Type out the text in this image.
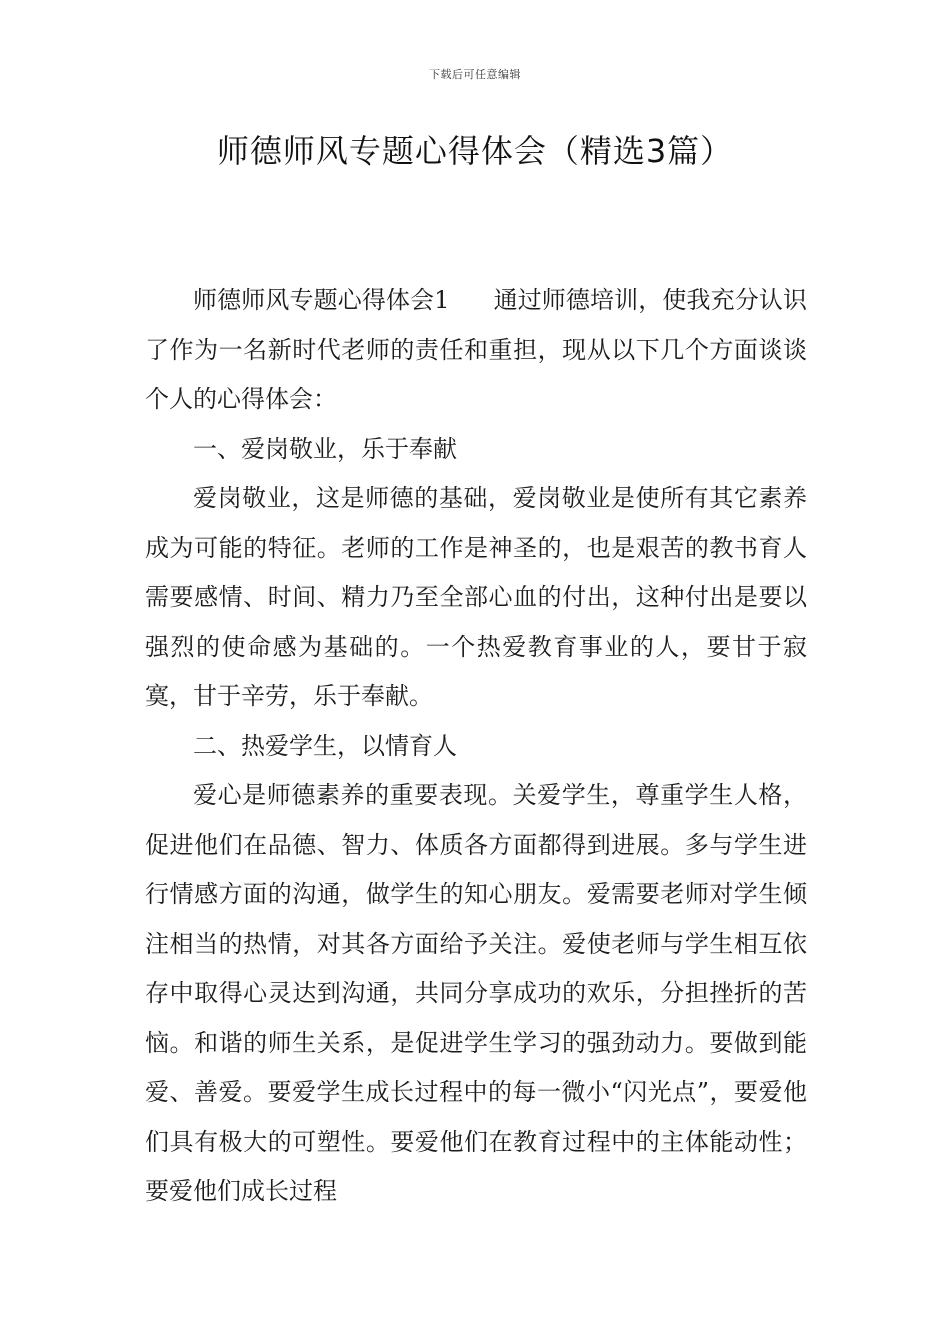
下载后可任意编辑
师德师风专题心得体会（精选3篇）

师德师风专题心得体会1 通过师德培训，使我充分认识了作为一名新时代老师的责任和重担，现从以下几个方面谈谈个人的心得体会：

一、爱岗敬业，乐于奉献

爱岗敬业，这是师德的基础，爱岗敬业是使所有其它素养成为可能的特征。老师的工作是神圣的，也是艰苦的教书育人需要感情、时间、精力乃至全部心血的付出，这种付出是要以强烈的使命感为基础的。一个热爱教育事业的人，要甘于寂寞，甘于辛劳，乐于奉献。

二、热爱学生，以情育人

爱心是师德素养的重要表现。关爱学生，尊重学生人格，促进他们在品德、智力、体质各方面都得到进展。多与学生进行情感方面的沟通，做学生的知心朋友。爱需要老师对学生倾注相当的热情，对其各方面给予关注。爱使老师与学生相互依存中取得心灵达到沟通，共同分享成功的欢乐，分担挫折的苦恼。和谐的师生关系，是促进学生学习的强劲动力。要做到能爱、善爱。要爱学生成长过程中的每一微小“闪光点”，要爱他们具有极大的可塑性。要爱他们在教育过程中的主体能动性；要爱他们成长过程
